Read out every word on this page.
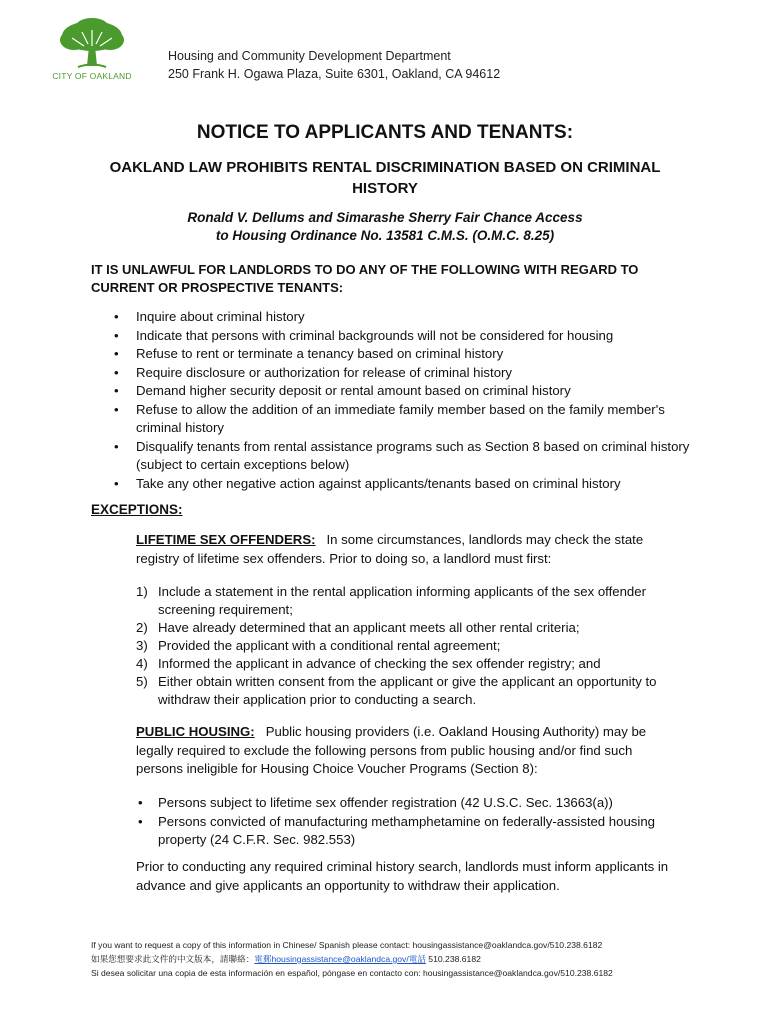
CITY OF OAKLAND
Housing and Community Development Department
250 Frank H. Ogawa Plaza, Suite 6301, Oakland, CA 94612
NOTICE TO APPLICANTS AND TENANTS:
OAKLAND LAW PROHIBITS RENTAL DISCRIMINATION BASED ON CRIMINAL HISTORY
Ronald V. Dellums and Simarashe Sherry Fair Chance Access
to Housing Ordinance No. 13581 C.M.S. (O.M.C. 8.25)
IT IS UNLAWFUL FOR LANDLORDS TO DO ANY OF THE FOLLOWING WITH REGARD TO CURRENT OR PROSPECTIVE TENANTS:
• Inquire about criminal history
• Indicate that persons with criminal backgrounds will not be considered for housing
• Refuse to rent or terminate a tenancy based on criminal history
• Require disclosure or authorization for release of criminal history
• Demand higher security deposit or rental amount based on criminal history
• Refuse to allow the addition of an immediate family member based on the family member's criminal history
• Disqualify tenants from rental assistance programs such as Section 8 based on criminal history (subject to certain exceptions below)
• Take any other negative action against applicants/tenants based on criminal history
EXCEPTIONS:
LIFETIME SEX OFFENDERS: In some circumstances, landlords may check the state registry of lifetime sex offenders. Prior to doing so, a landlord must first:
1) Include a statement in the rental application informing applicants of the sex offender screening requirement;
2) Have already determined that an applicant meets all other rental criteria;
3) Provided the applicant with a conditional rental agreement;
4) Informed the applicant in advance of checking the sex offender registry; and
5) Either obtain written consent from the applicant or give the applicant an opportunity to withdraw their application prior to conducting a search.
PUBLIC HOUSING: Public housing providers (i.e. Oakland Housing Authority) may be legally required to exclude the following persons from public housing and/or find such persons ineligible for Housing Choice Voucher Programs (Section 8):
• Persons subject to lifetime sex offender registration (42 U.S.C. Sec. 13663(a))
• Persons convicted of manufacturing methamphetamine on federally-assisted housing property (24 C.F.R. Sec. 982.553)
Prior to conducting any required criminal history search, landlords must inform applicants in advance and give applicants an opportunity to withdraw their application.
If you want to request a copy of this information in Chinese/ Spanish please contact: housingassistance@oaklandca.gov/510.238.6182
如果您想要求此文件的中文版本，請聯絡：電郵housingassistance@oaklandca.gov/電話 510.238.6182
Si desea solicitar una copia de esta información en español, póngase en contacto con: housingassistance@oaklandca.gov/510.238.6182
